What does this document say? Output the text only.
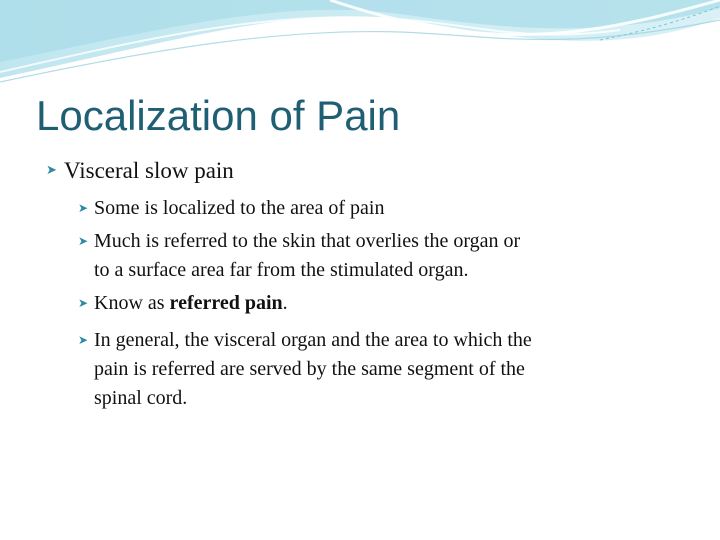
Localization of Pain
➤ Visceral slow pain
➤ Some is localized to the area of pain
➤ Much is referred to the skin that overlies the organ or
to a surface area far from the stimulated organ.
➤ Know as referred pain.
➤ In general, the visceral organ and the area to which the
pain is referred are served by the same segment of the
spinal cord.
